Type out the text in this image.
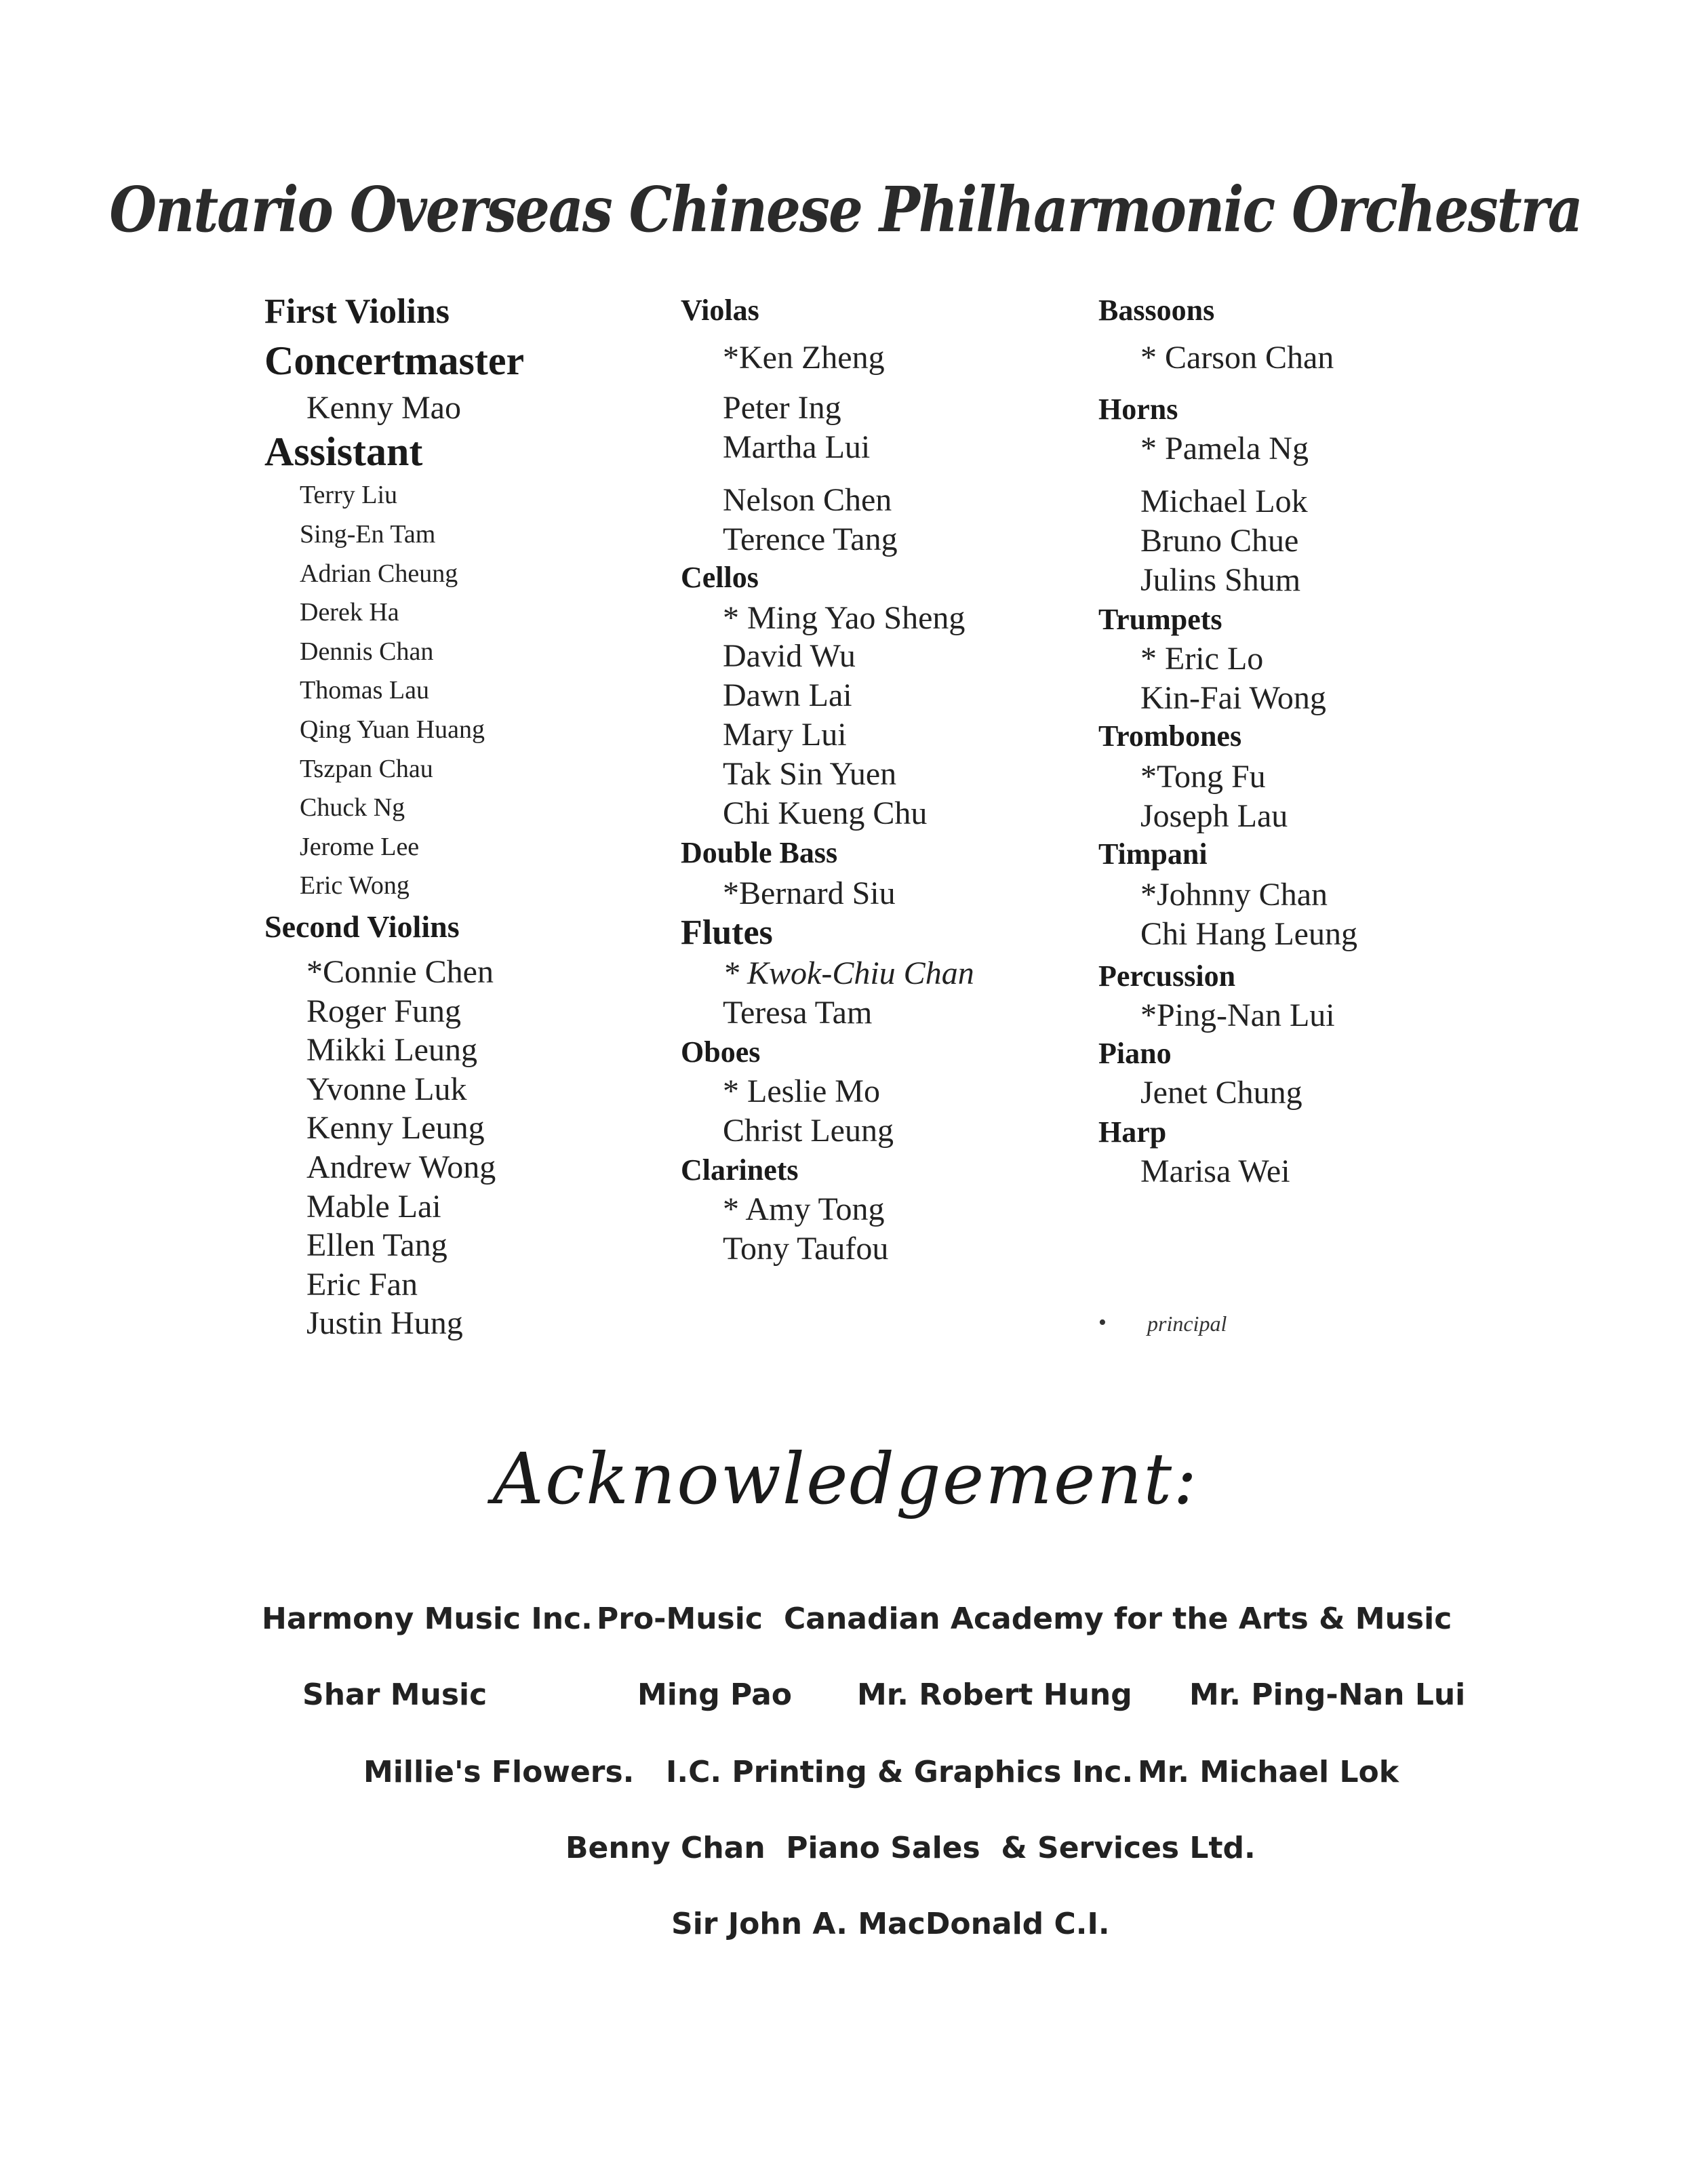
Ontario Overseas Chinese Philharmonic Orchestra
First Violins
Concertmaster
Kenny Mao
Assistant
Terry Liu
Sing-En Tam
Adrian Cheung
Derek Ha
Dennis Chan
Thomas Lau
Qing Yuan Huang
Tszpan Chau
Chuck Ng
Jerome Lee
Eric Wong
Second Violins
*Connie Chen
Roger Fung
Mikki Leung
Yvonne Luk
Kenny Leung
Andrew Wong
Mable Lai
Ellen Tang
Eric Fan
Justin Hung
Violas
*Ken Zheng
Peter Ing
Martha Lui
Nelson Chen
Terence Tang
Cellos
* Ming Yao Sheng
David Wu
Dawn Lai
Mary Lui
Tak Sin Yuen
Chi Kueng Chu
Double Bass
*Bernard Siu
Flutes
* Kwok-Chiu Chan
Teresa Tam
Oboes
* Leslie Mo
Christ Leung
Clarinets
* Amy Tong
Tony Taufou
Bassoons
* Carson Chan
Horns
* Pamela Ng
Michael Lok
Bruno Chue
Julins Shum
Trumpets
* Eric Lo
Kin-Fai Wong
Trombones
*Tong Fu
Joseph Lau
Timpani
*Johnny Chan
Chi Hang Leung
Percussion
*Ping-Nan Lui
Piano
Jenet Chung
Harp
Marisa Wei
• principal
Acknowledgement:
Harmony Music Inc. Pro-Music Canadian Academy for the Arts & Music
Shar Music	Ming Pao Mr. Robert Hung Mr. Ping-Nan Lui
Millie's Flowers. I.C. Printing & Graphics Inc. Mr. Michael Lok
Benny Chan  Piano Sales  & Services Ltd.
Sir John A. MacDonald C.I.
